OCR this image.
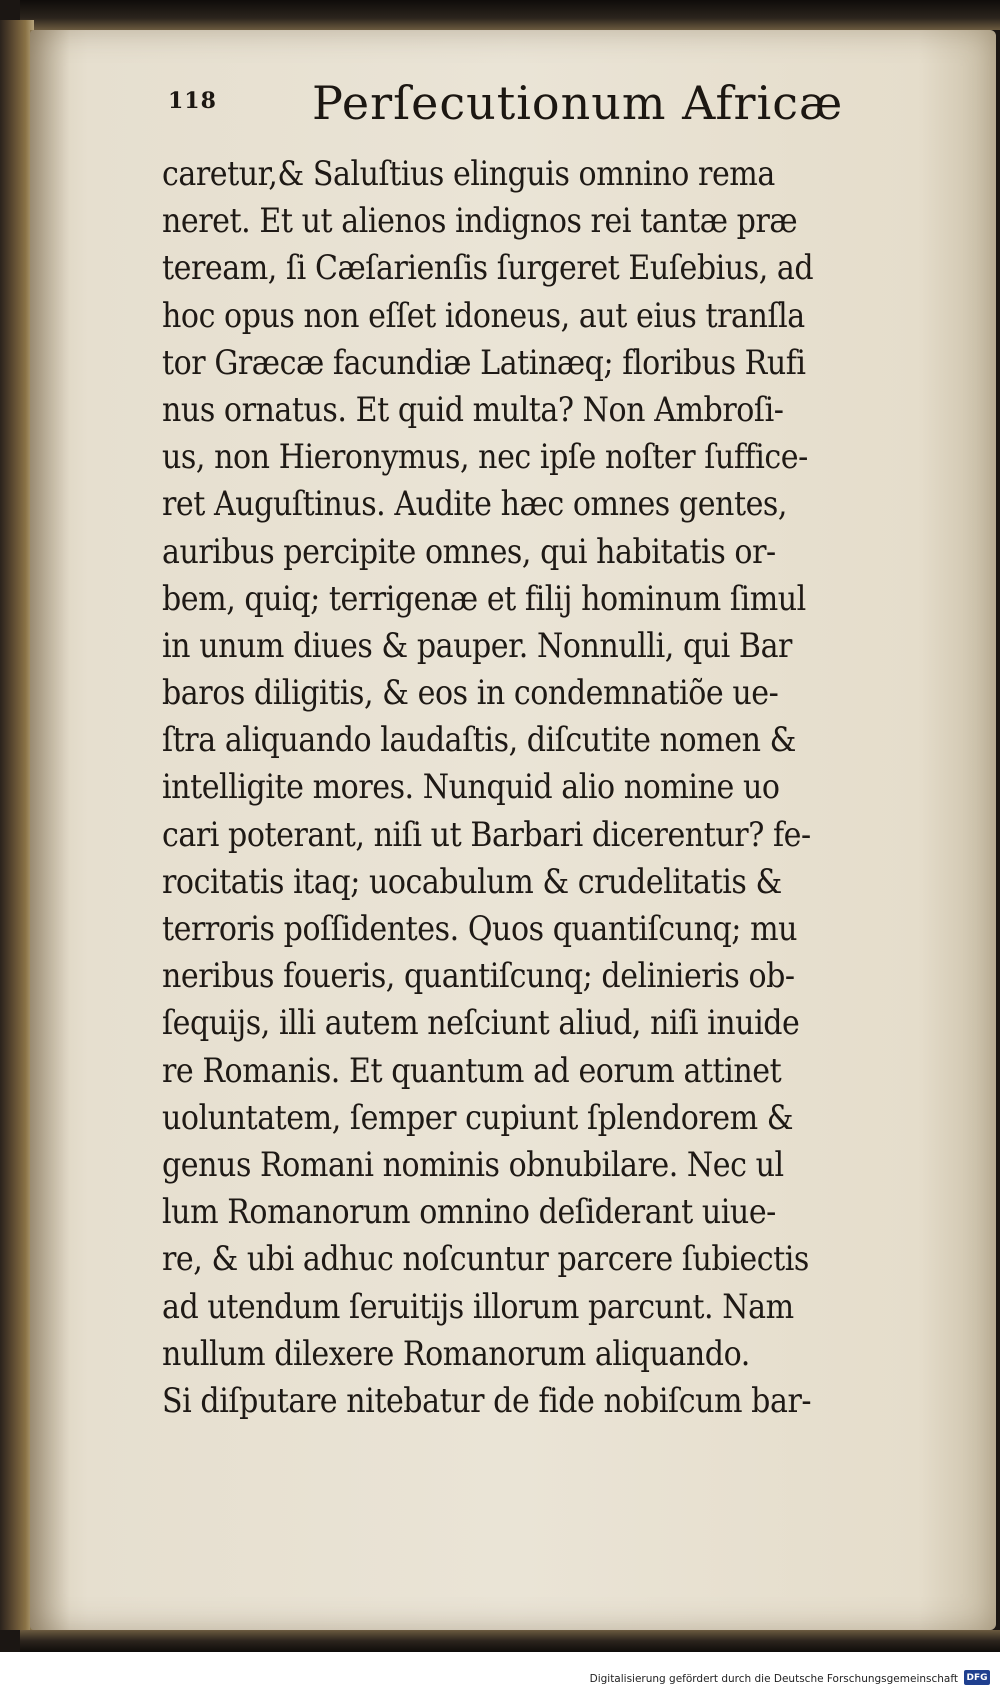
118 Perſecutionum Africæ
caretur,& Saluſtius elinguis omnino rema
neret. Et ut alienos indignos rei tantæ præ
teream, ſi Cæſarienſis ſurgeret Euſebius, ad
hoc opus non eſſet idoneus, aut eius tranſla
tor Græcæ facundiæ Latinæq; floribus Rufi
nus ornatus. Et quid multa? Non Ambroſi-
us, non Hieronymus, nec ipſe noſter ſuffice-
ret Auguſtinus. Audite hæc omnes gentes,
auribus percipite omnes, qui habitatis or-
bem, quiq; terrigenæ et filij hominum ſimul
in unum diues & pauper. Nonnulli, qui Bar
baros diligitis, & eos in condemnatiõe ue-
ſtra aliquando laudaſtis, diſcutite nomen &
intelligite mores. Nunquid alio nomine uo
cari poterant, niſi ut Barbari dicerentur? fe-
rocitatis itaq; uocabulum & crudelitatis &
terroris poſſidentes. Quos quantiſcunq; mu
neribus foueris, quantiſcunq; delinieris ob-
ſequijs, illi autem neſciunt aliud, niſi inuide
re Romanis. Et quantum ad eorum attinet
uoluntatem, ſemper cupiunt ſplendorem &
genus Romani nominis obnubilare. Nec ul
lum Romanorum omnino deſiderant uiue-
re, & ubi adhuc noſcuntur parcere ſubiectis
ad utendum ſeruitijs illorum parcunt. Nam
nullum dilexere Romanorum aliquando.
Si diſputare nitebatur de fide nobiſcum bar-
Digitalisierung gefördert durch die Deutsche Forschungsgemeinschaft DFG
